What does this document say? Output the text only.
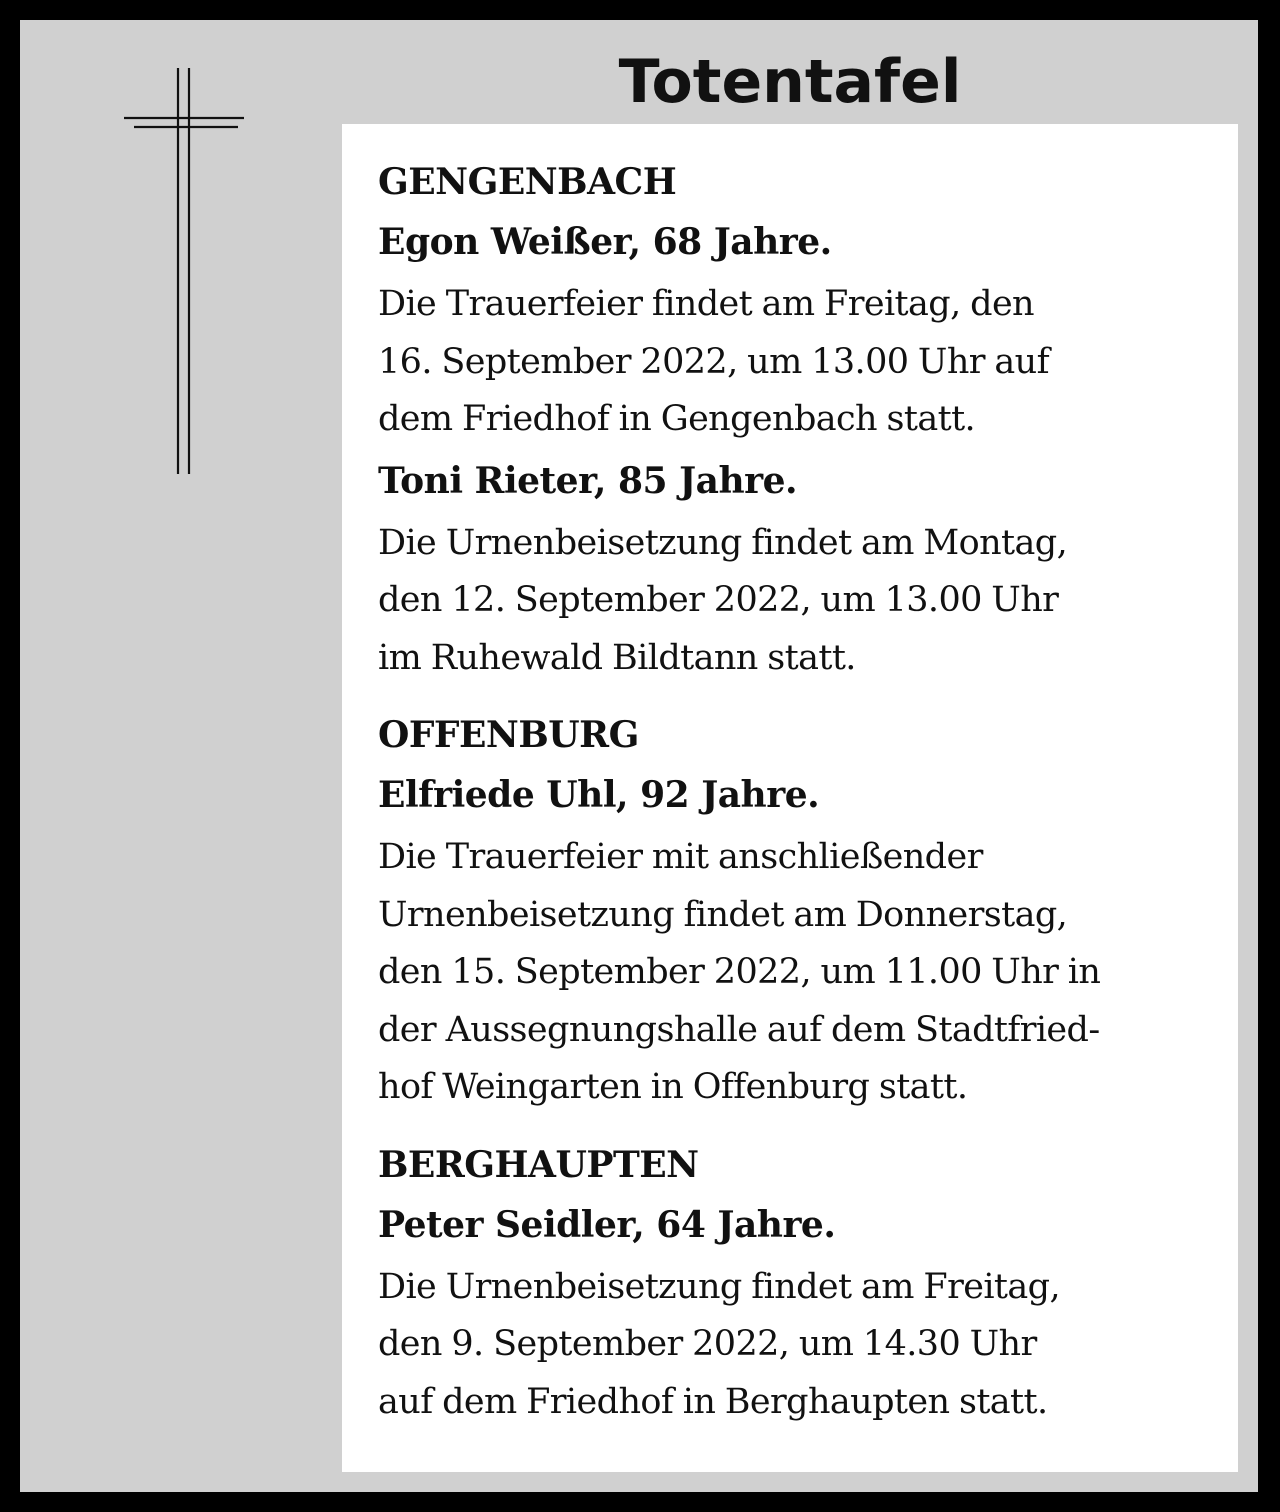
Totentafel
GENGENBACH
Egon Weißer, 68 Jahre.

Die Trauerfeier findet am Freitag, den
16. September 2022, um 13.00 Uhr auf
dem Friedhof in Gengenbach statt.

Toni Rieter, 85 Jahre.

Die Urnenbeisetzung findet am Montag,
den 12. September 2022, um 13.00 Uhr
im Ruhewald Bildtann statt.

OFFENBURG
Elfriede Uhl, 92 Jahre.

Die Trauerfeier mit anschließender
Urnenbeisetzung findet am Donnerstag,
den 15. September 2022, um 11.00 Uhr in
der Aussegnungshalle auf dem Stadtfried-
hof Weingarten in Offenburg statt.

BERGHAUPTEN
Peter Seidler, 64 Jahre.

Die Urnenbeisetzung findet am Freitag,
den 9. September 2022, um 14.30 Uhr
auf dem Friedhof in Berghaupten statt.
